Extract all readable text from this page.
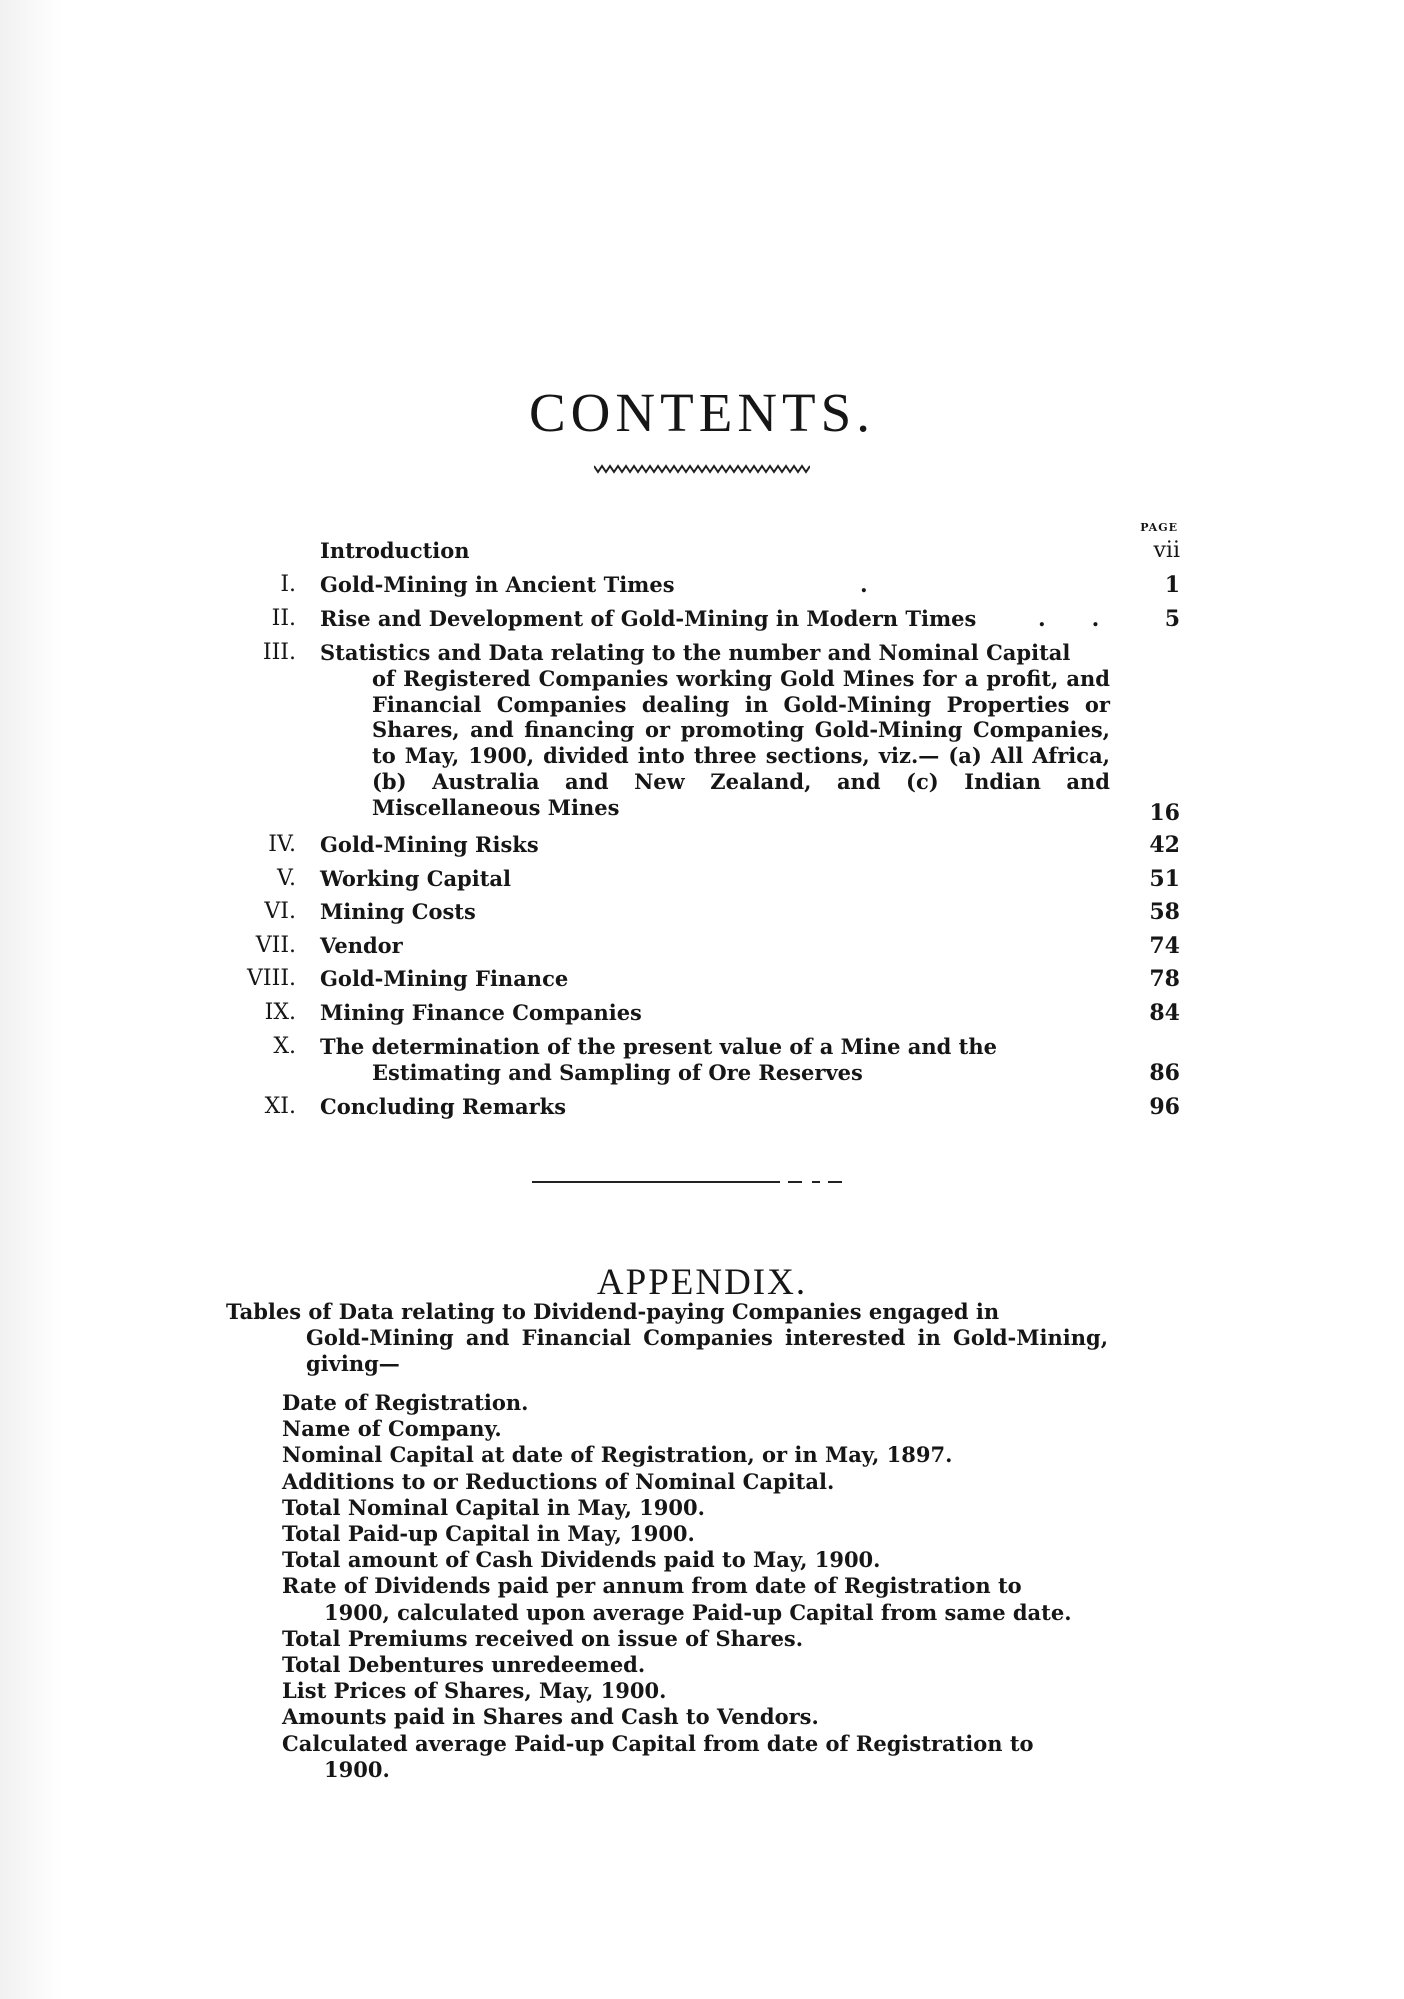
CONTENTS.
PAGE
Introduction	vii
I. Gold-Mining in Ancient Times	.	1
II. Rise and Development of Gold-Mining in Modern Times	.      .	5
III. Statistics and Data relating to the number and Nominal Capital
of Registered Companies working Gold Mines for a profit, and Financial Companies dealing in Gold-Mining Properties or Shares, and financing or promoting Gold-Mining Companies, to May, 1900, divided into three sections, viz.— (a) All Africa, (b) Australia and New Zealand, and (c) Indian and Miscellaneous Mines	16
IV. Gold-Mining Risks	42
V. Working Capital	51
VI. Mining Costs	58
VII. Vendor	74
VIII. Gold-Mining Finance	78
IX. Mining Finance Companies	84
X. The determination of the present value of a Mine and the
Estimating and Sampling of Ore Reserves	86
XI. Concluding Remarks	96
APPENDIX.
Tables of Data relating to Dividend-paying Companies engaged in
Gold-Mining and Financial Companies interested in Gold-Mining, giving—
Date of Registration.
Name of Company.
Nominal Capital at date of Registration, or in May, 1897.
Additions to or Reductions of Nominal Capital.
Total Nominal Capital in May, 1900.
Total Paid-up Capital in May, 1900.
Total amount of Cash Dividends paid to May, 1900.
Rate of Dividends paid per annum from date of Registration to
1900, calculated upon average Paid-up Capital from same date.
Total Premiums received on issue of Shares.
Total Debentures unredeemed.
List Prices of Shares, May, 1900.
Amounts paid in Shares and Cash to Vendors.
Calculated average Paid-up Capital from date of Registration to
1900.
